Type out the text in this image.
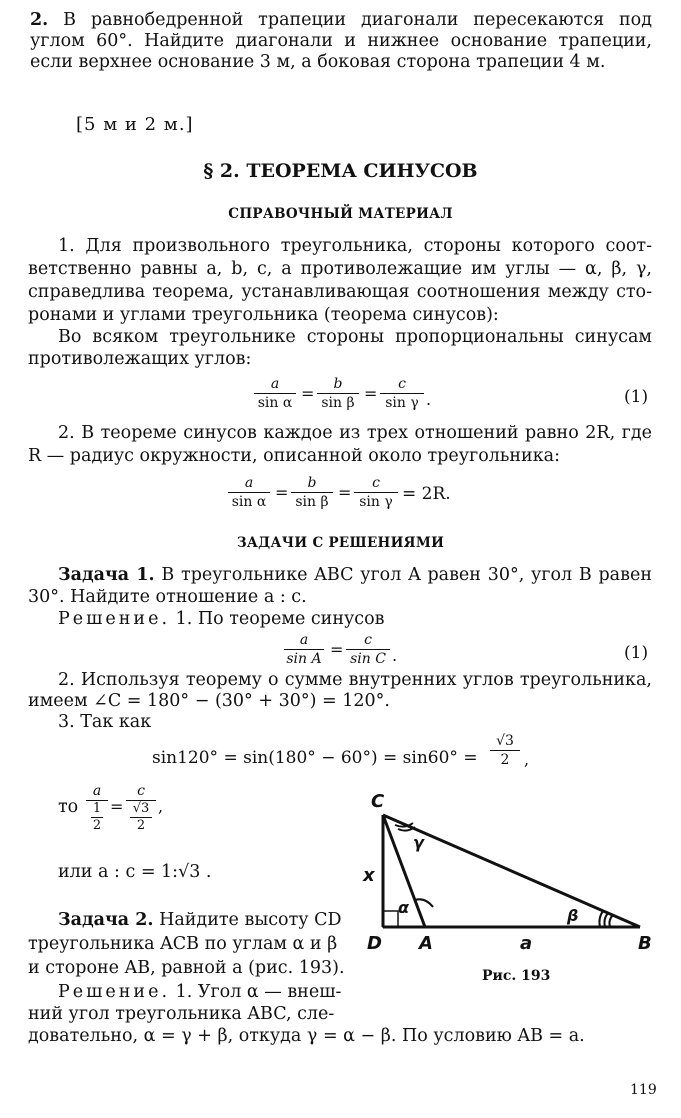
2. В равнобедренной трапеции диагонали пересекаются под
углом 60°. Найдите диагонали и нижнее основание трапеции,
если верхнее основание 3 м, а боковая сторона трапеции 4 м.
[5 м и 2 м.]
§ 2. ТЕОРЕМА СИНУСОВ
СПРАВОЧНЫЙ МАТЕРИАЛ
1. Для произвольного треугольника, стороны которого соот-
ветственно равны a, b, c, а противолежащие им углы — α, β, γ,
справедлива теорема, устанавливающая соотношения между сто-
ронами и углами треугольника (теорема синусов):
Во всяком треугольнике стороны пропорциональны синусам
противолежащих углов:
a
sin α =	b
sin β =	c
sin γ .	(1)
2. В теореме синусов каждое из трех отношений равно 2R, где
R — радиус окружности, описанной около треугольника:
a
sin α =	b
sin β =	c
sin γ = 2R.
ЗАДАЧИ С РЕШЕНИЯМИ
Задача 1. В треугольнике ABC угол A равен 30°, угол B равен
30°. Найдите отношение a : c.
Решение. 1. По теореме синусов
a
sin A =	c
sin C .	(1)
2. Используя теорему о сумме внутренних углов треугольника,
имеем ∠C = 180° − (30° + 30°) = 120°.
3. Так как
sin120° = sin(180° − 60°) = sin60° =
√3
2 ,
то
a
1
2
=
c
√3
2
,
или a : c = 1:√3 .
Задача 2. Найдите высоту CD
треугольника ACB по углам α и β
и стороне AB, равной a (рис. 193).
Решение. 1. Угол α — внеш-
ний угол треугольника ABC, сле-
довательно, α = γ + β, откуда γ = α − β. По условию AB = a.
C
D A	B
x
a
α	β
γ
Рис. 193
119
